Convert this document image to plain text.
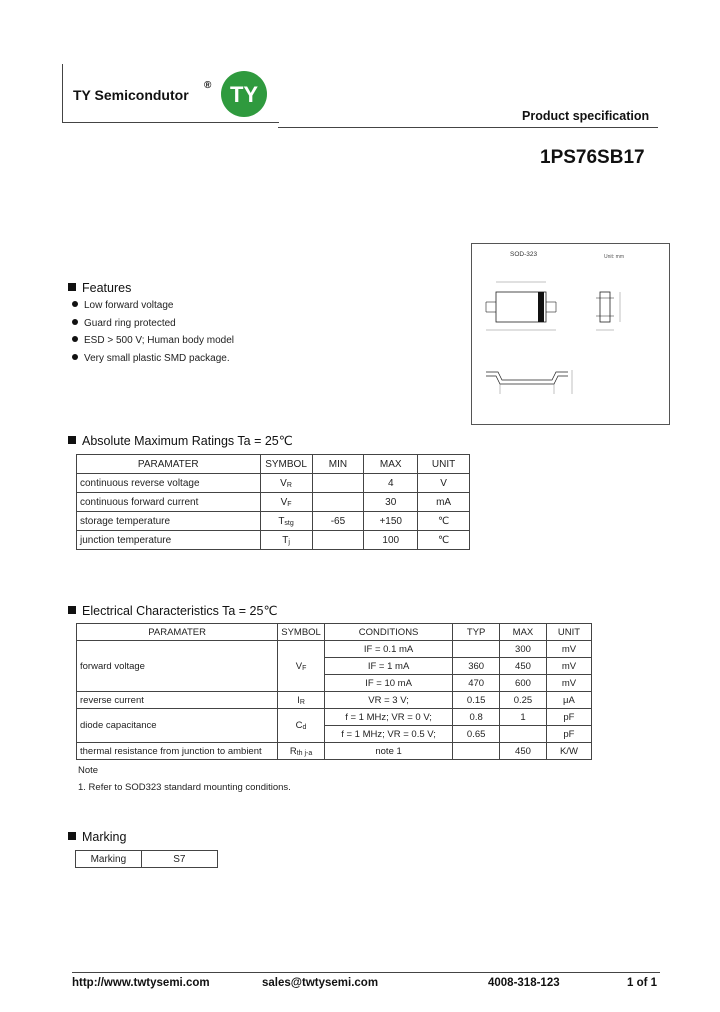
TY Semicondutor
® TY
Product specification
1PS76SB17
SOD-323	Unit: mm
Features
Low forward voltage
Guard ring protected
ESD > 500 V; Human body model
Very small plastic SMD package.
Absolute Maximum Ratings Ta = 25℃
PARAMATER	SYMBOL	MIN	MAX	UNIT
continuous reverse voltage	$V_R$		4	V
continuous forward current	$V_F$		30	mA
storage temperature	$T_{stg}$	-65	+150	℃
junction temperature	$T_j$		100	℃
Electrical Characteristics Ta = 25℃
PARAMATER	SYMBOL	CONDITIONS	TYP	MAX	UNIT
forward voltage	$V_F$	IF = 0.1 mA		300	mV
		IF = 1 mA	360	450	mV
		IF = 10 mA	470	600	mV
reverse current	$I_R$	VR = 3 V;	0.15	0.25	μA
diode capacitance	$C_d$	f = 1 MHz; VR = 0 V;	0.8	1	pF
		f = 1 MHz; VR = 0.5 V;	0.65		pF
thermal resistance from junction to ambient	$R_{th j-a}$	note 1		450	K/W
Note
1. Refer to SOD323 standard mounting conditions.
Marking
Marking	S7
http://www.twtysemi.com	sales@twtysemi.com	4008-318-123	1 of 1
